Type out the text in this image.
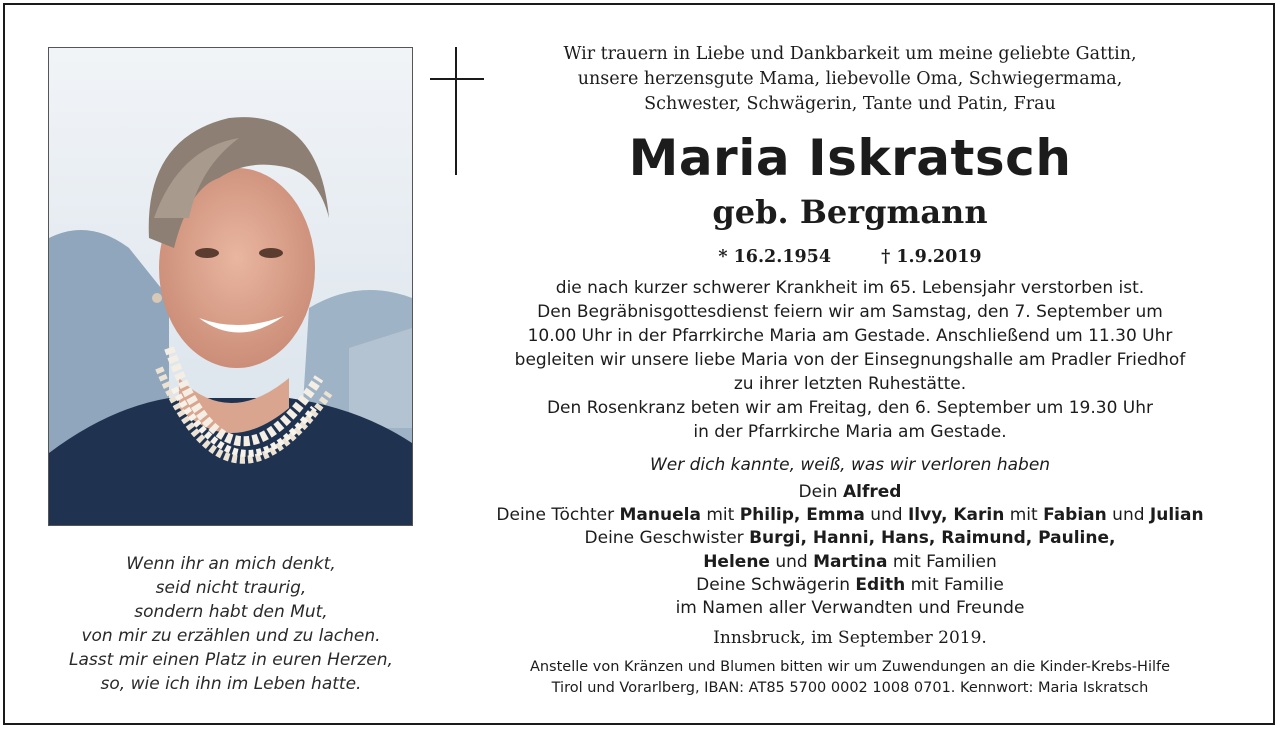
Wenn ihr an mich denkt,
seid nicht traurig,
sondern habt den Mut,
von mir zu erzählen und zu lachen.
Lasst mir einen Platz in euren Herzen,
so, wie ich ihn im Leben hatte.
Wir trauern in Liebe und Dankbarkeit um meine geliebte Gattin,
unsere herzensgute Mama, liebevolle Oma, Schwiegermama,
Schwester, Schwägerin, Tante und Patin, Frau
Maria Iskratsch
geb. Bergmann
* 16.2.1954	† 1.9.2019
die nach kurzer schwerer Krankheit im 65. Lebensjahr verstorben ist.
Den Begräbnisgottesdienst feiern wir am Samstag, den 7. September um
10.00 Uhr in der Pfarrkirche Maria am Gestade. Anschließend um 11.30 Uhr
begleiten wir unsere liebe Maria von der Einsegnungshalle am Pradler Friedhof
zu ihrer letzten Ruhestätte.
Den Rosenkranz beten wir am Freitag, den 6. September um 19.30 Uhr
in der Pfarrkirche Maria am Gestade.
Wer dich kannte, weiß, was wir verloren haben
Dein Alfred
Deine Töchter Manuela mit Philip, Emma und Ilvy, Karin mit Fabian und Julian
Deine Geschwister Burgi, Hanni, Hans, Raimund, Pauline,
Helene und Martina mit Familien
Deine Schwägerin Edith mit Familie
im Namen aller Verwandten und Freunde
Innsbruck, im September 2019.
Anstelle von Kränzen und Blumen bitten wir um Zuwendungen an die Kinder-Krebs-Hilfe
Tirol und Vorarlberg, IBAN: AT85 5700 0002 1008 0701. Kennwort: Maria Iskratsch
